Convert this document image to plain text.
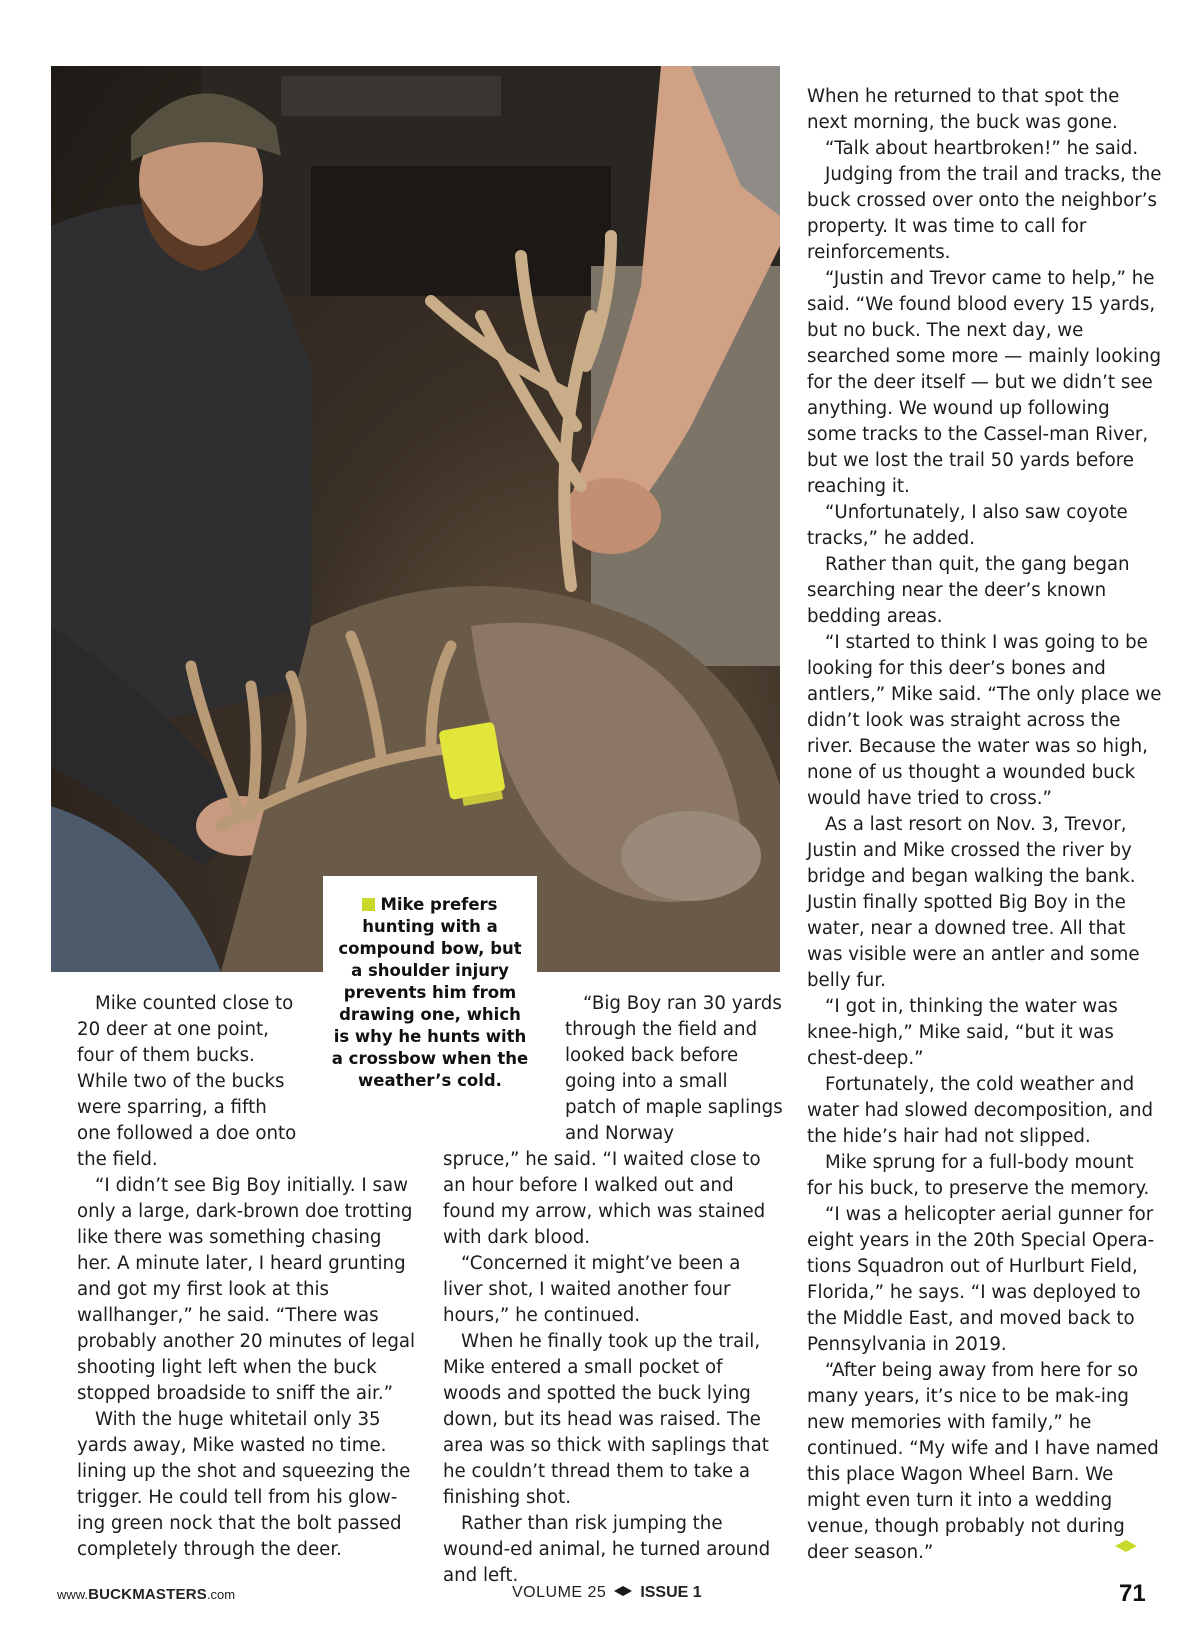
Mike prefers hunting with a compound bow, but a shoulder injury prevents him from drawing one, which is why he hunts with a crossbow when the weather’s cold.

Mike counted close to 20 deer at one point, four of them bucks. While two of the bucks were sparring, a fifth one followed a doe onto the field.

“I didn’t see Big Boy initially. I saw only a large, dark-brown doe trotting like there was something chasing her. A minute later, I heard grunting and got my first look at this wallhanger,” he said. “There was probably another 20 minutes of legal shooting light left when the buck stopped broadside to sniff the air.”

With the huge whitetail only 35 yards away, Mike wasted no time. lining up the shot and squeezing the trigger. He could tell from his glow-ing green nock that the bolt passed completely through the deer.

“Big Boy ran 30 yards through the field and looked back before going into a small patch of maple saplings and Norway

spruce,” he said. “I waited close to an hour before I walked out and found my arrow, which was stained with dark blood.

“Concerned it might’ve been a liver shot, I waited another four hours,” he continued.

When he finally took up the trail, Mike entered a small pocket of woods and spotted the buck lying down, but its head was raised. The area was so thick with saplings that he couldn’t thread them to take a finishing shot.

Rather than risk jumping the wound-ed animal, he turned around and left.

When he returned to that spot the next morning, the buck was gone.

“Talk about heartbroken!” he said.

Judging from the trail and tracks, the buck crossed over onto the neighbor’s property. It was time to call for reinforcements.

“Justin and Trevor came to help,” he said. “We found blood every 15 yards, but no buck. The next day, we searched some more — mainly looking for the deer itself — but we didn’t see anything. We wound up following some tracks to the Cassel-man River, but we lost the trail 50 yards before reaching it.

“Unfortunately, I also saw coyote tracks,” he added.

Rather than quit, the gang began searching near the deer’s known bedding areas.

“I started to think I was going to be looking for this deer’s bones and antlers,” Mike said. “The only place we didn’t look was straight across the river. Because the water was so high, none of us thought a wounded buck would have tried to cross.”

As a last resort on Nov. 3, Trevor, Justin and Mike crossed the river by bridge and began walking the bank. Justin finally spotted Big Boy in the water, near a downed tree. All that was visible were an antler and some belly fur.

“I got in, thinking the water was knee-high,” Mike said, “but it was chest-deep.”

Fortunately, the cold weather and water had slowed decomposition, and the hide’s hair had not slipped.

Mike sprung for a full-body mount for his buck, to preserve the memory.

“I was a helicopter aerial gunner for eight years in the 20th Special Opera-tions Squadron out of Hurlburt Field, Florida,” he says. “I was deployed to the Middle East, and moved back to Pennsylvania in 2019.

“After being away from here for so many years, it’s nice to be mak-ing new memories with family,” he continued. “My wife and I have named this place Wagon Wheel Barn. We might even turn it into a wedding venue, though probably not during deer season.”

www.BUCKMASTERS.com	VOLUME 25 ISSUE 1	71
